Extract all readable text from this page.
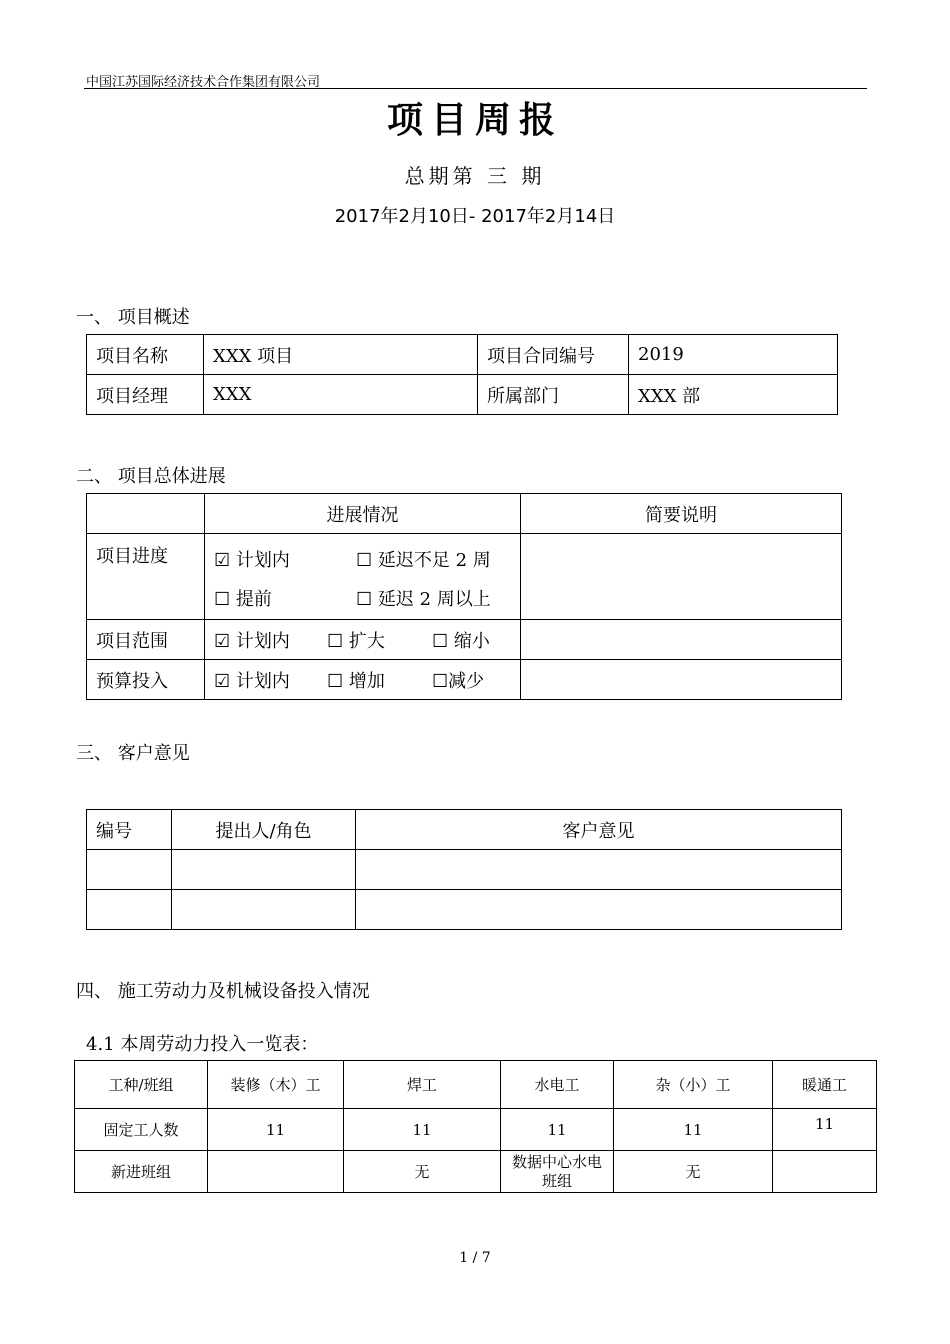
中国江苏国际经济技术合作集团有限公司
项目周报
总期第 三 期
2017年2月10日- 2017年2月14日
一、 项目概述
项目名称	XXX 项目	项目合同编号	2019
项目经理	XXX	所属部门	XXX 部
二、 项目总体进展
	进展情况	简要说明
项目进度	☑ 计划内 ☐ 延迟不足 2 周
☐ 提前 ☐ 延迟 2 周以上	

项目范围	☑ 计划内 ☐ 扩大 ☐ 缩小	
预算投入	☑ 计划内 ☐ 增加 ☐减少	
三、 客户意见
编号	提出人/角色	客户意见

四、 施工劳动力及机械设备投入情况
4.1 本周劳动力投入一览表：
工种/班组	装修（木）工	焊工	水电工	杂（小）工	暖通工
固定工人数	11	11	11	11	11
新进班组		无	数据中心水电班组	无	
1 / 7
